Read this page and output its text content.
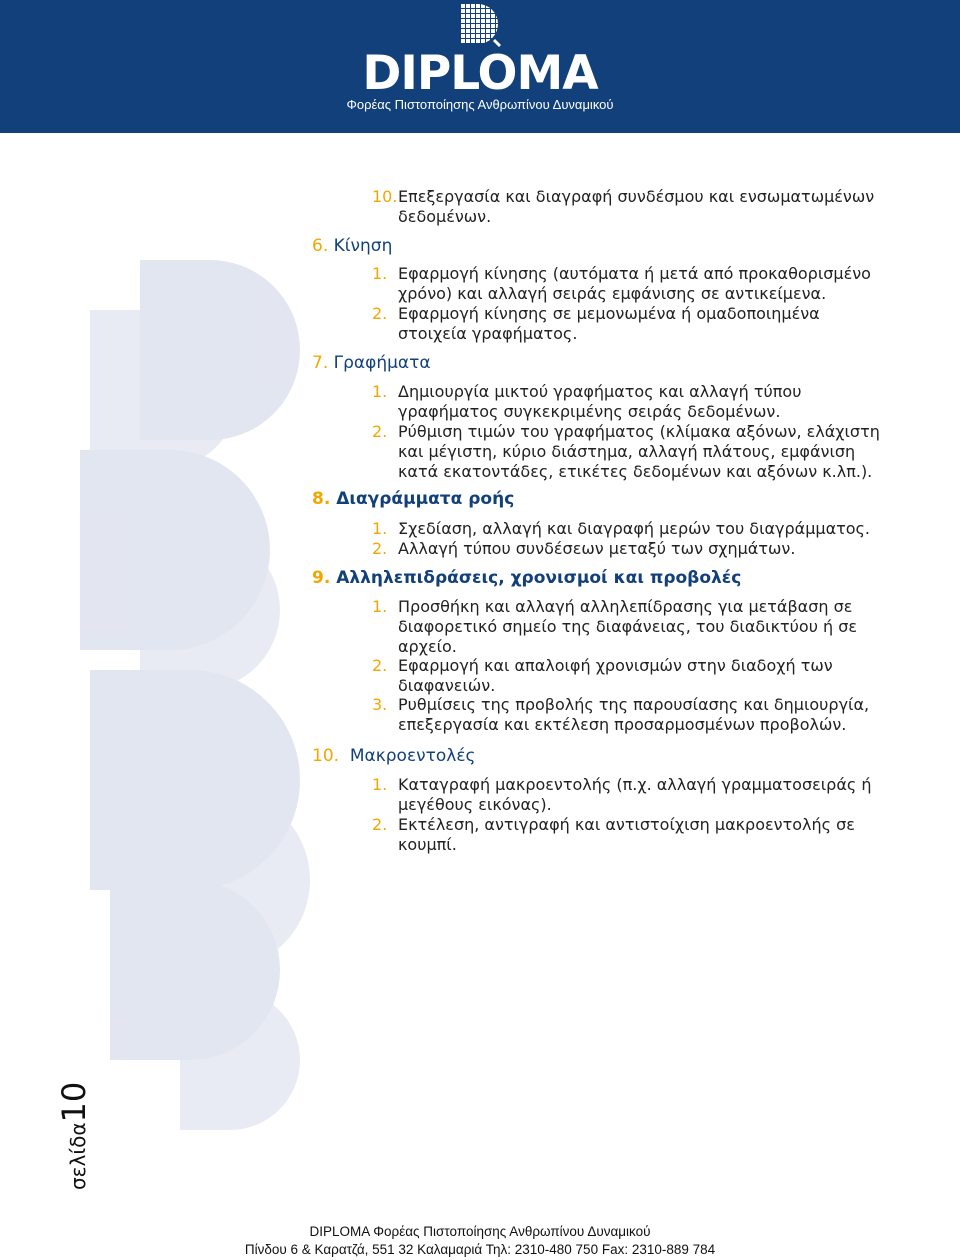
DIPLOMA
Φορέας Πιστοποίησης Ανθρωπίνου Δυναμικού
10. Επεξεργασία και διαγραφή συνδέσμου και ενσωματωμένων
δεδομένων.
6. Κίνηση
1. Εφαρμογή κίνησης (αυτόματα ή μετά από προκαθορισμένο
χρόνο) και αλλαγή σειράς εμφάνισης σε αντικείμενα.
2. Εφαρμογή κίνησης σε μεμονωμένα ή ομαδοποιημένα
στοιχεία γραφήματος.
7. Γραφήματα
1. Δημιουργία μικτού γραφήματος και αλλαγή τύπου
γραφήματος συγκεκριμένης σειράς δεδομένων.
2. Ρύθμιση τιμών του γραφήματος (κλίμακα αξόνων, ελάχιστη
και μέγιστη, κύριο διάστημα, αλλαγή πλάτους, εμφάνιση
κατά εκατοντάδες, ετικέτες δεδομένων και αξόνων κ.λπ.).
8. Διαγράμματα ροής
1. Σχεδίαση, αλλαγή και διαγραφή μερών του διαγράμματος.
2. Αλλαγή τύπου συνδέσεων μεταξύ των σχημάτων.
9. Αλληλεπιδράσεις, χρονισμοί και προβολές
1. Προσθήκη και αλλαγή αλληλεπίδρασης για μετάβαση σε
διαφορετικό σημείο της διαφάνειας, του διαδικτύου ή σε
αρχείο.
2. Εφαρμογή και απαλοιφή χρονισμών στην διαδοχή των
διαφανειών.
3. Ρυθμίσεις της προβολής της παρουσίασης και δημιουργία,
επεξεργασία και εκτέλεση προσαρμοσμένων προβολών.
10. Μακροεντολές
1. Καταγραφή μακροεντολής (π.χ. αλλαγή γραμματοσειράς ή
μεγέθους εικόνας).
2. Εκτέλεση, αντιγραφή και αντιστοίχιση μακροεντολής σε
κουμπί.
σελίδα10
DIPLOMA Φορέας Πιστοποίησης Ανθρωπίνου Δυναμικού
Πίνδου 6 & Καρατζά, 551 32 Καλαμαριά Τηλ: 2310-480 750 Fax: 2310-889 784
